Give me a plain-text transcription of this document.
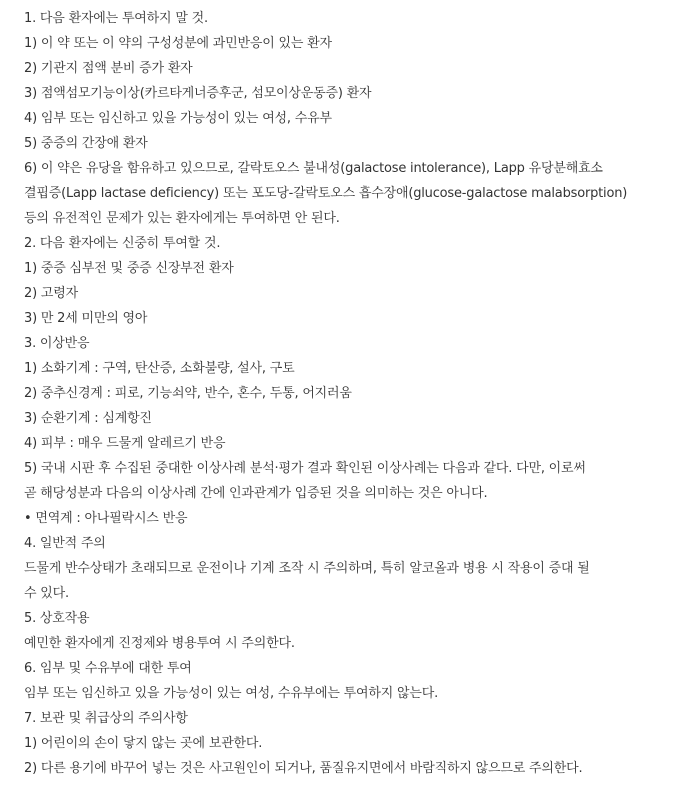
1. 다음 환자에는 투여하지 말 것.
1) 이 약 또는 이 약의 구성성분에 과민반응이 있는 환자
2) 기관지 점액 분비 증가 환자
3) 점액섬모기능이상(카르타게너증후군, 섬모이상운동증) 환자
4) 임부 또는 임신하고 있을 가능성이 있는 여성, 수유부
5) 중증의 간장애 환자
6) 이 약은 유당을 함유하고 있으므로, 갈락토오스 불내성(galactose intolerance), Lapp 유당분해효소
결핍증(Lapp lactase deficiency) 또는 포도당-갈락토오스 흡수장애(glucose-galactose malabsorption)
등의 유전적인 문제가 있는 환자에게는 투여하면 안 된다.
2. 다음 환자에는 신중히 투여할 것.
1) 중증 심부전 및 중증 신장부전 환자
2) 고령자
3) 만 2세 미만의 영아
3. 이상반응
1) 소화기계 : 구역, 탄산증, 소화불량, 설사, 구토
2) 중추신경계 : 피로, 기능쇠약, 반수, 혼수, 두통, 어지러움
3) 순환기계 : 심계항진
4) 피부 : 매우 드물게 알레르기 반응
5) 국내 시판 후 수집된 중대한 이상사례 분석·평가 결과 확인된 이상사례는 다음과 같다. 다만, 이로써
곧 해당성분과 다음의 이상사례 간에 인과관계가 입증된 것을 의미하는 것은 아니다.
• 면역계 : 아나필락시스 반응
4. 일반적 주의
드물게 반수상태가 초래되므로 운전이나 기계 조작 시 주의하며, 특히 알코올과 병용 시 작용이 증대 될
수 있다.
5. 상호작용
예민한 환자에게 진정제와 병용투여 시 주의한다.
6. 임부 및 수유부에 대한 투여
임부 또는 임신하고 있을 가능성이 있는 여성, 수유부에는 투여하지 않는다.
7. 보관 및 취급상의 주의사항
1) 어린이의 손이 닿지 않는 곳에 보관한다.
2) 다른 용기에 바꾸어 넣는 것은 사고원인이 되거나, 품질유지면에서 바람직하지 않으므로 주의한다.
